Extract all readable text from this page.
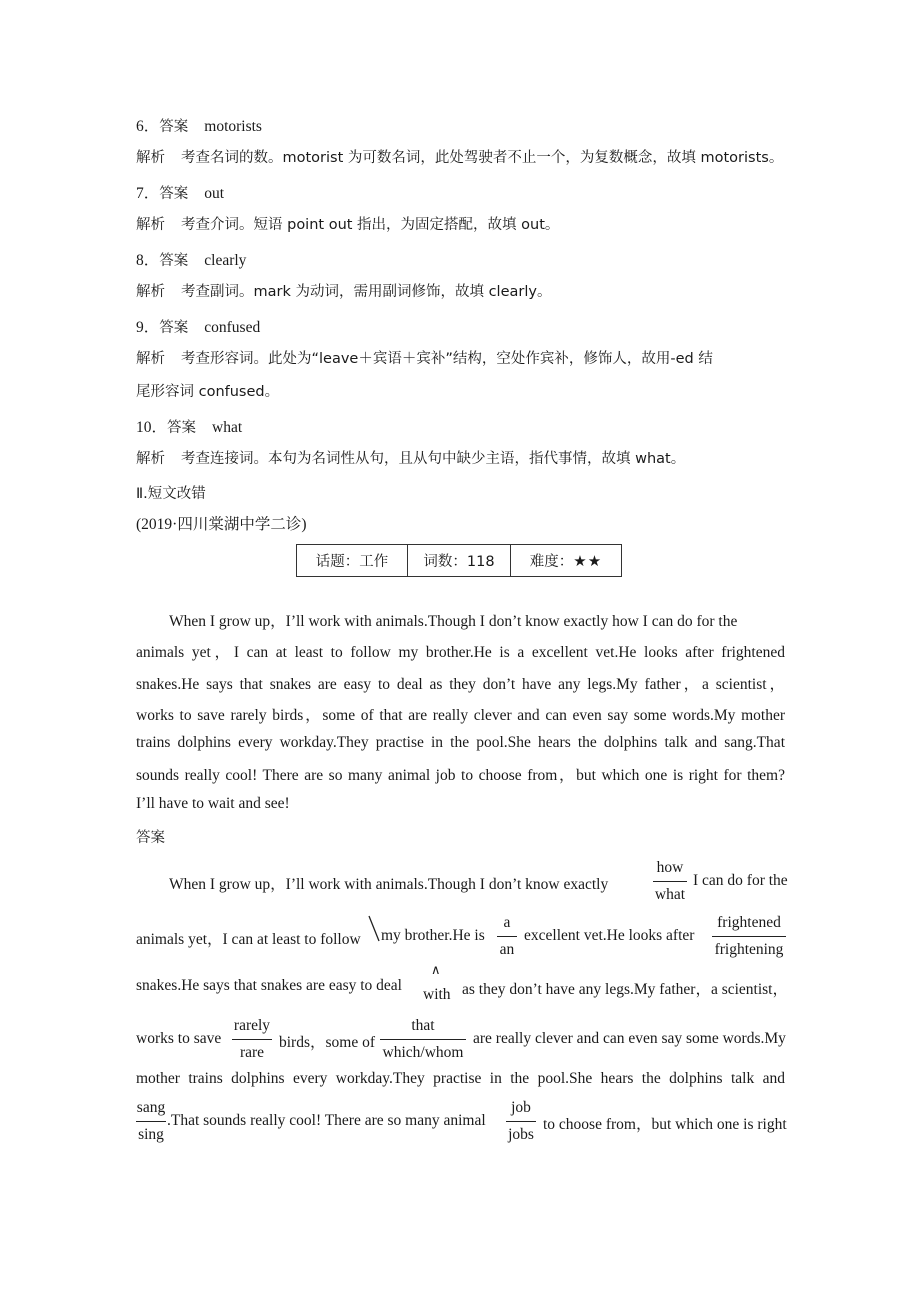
6．答案 motorists
解析 考查名词的数。motorist 为可数名词，此处驾驶者不止一个，为复数概念，故填 motorists。
7．答案 out
解析 考查介词。短语 point out 指出，为固定搭配，故填 out。
8．答案 clearly
解析 考查副词。mark 为动词，需用副词修饰，故填 clearly。
9．答案 confused
解析 考查形容词。此处为“leave＋宾语＋宾补”结构，空处作宾补，修饰人，故用-ed 结
尾形容词 confused。
10．答案 what
解析 考查连接词。本句为名词性从句，且从句中缺少主语，指代事情，故填 what。
Ⅱ.短文改错
(2019·四川棠湖中学二诊)
话题：工作	词数：118	难度：★★
When I grow up，I’ll work with animals.Though I don’t know exactly how I can do for the
animals yet，I can at least to follow my brother.He is a excellent vet.He looks after frightened
snakes.He says that snakes are easy to deal as they don’t have any legs.My father，a scientist，
works to save rarely birds，some of that are really clever and can even say some words.My mother
trains dolphins every workday.They practise in the pool.She hears the dolphins talk and sang.That
sounds really cool! There are so many animal job to choose from，but which one is right for them?
I’ll have to wait and see!
答案
When I grow up，I’ll work with animals.Though I don’t know exactly
how
what
I can do for the
animals yet，I can at least to follow my brother.He is
a
an
excellent vet.He looks after
frightened
frightening
snakes.He says that snakes are easy to deal
∧
with as they don’t have any legs.My father，a scientist，
works to save
rarely
rare
birds，some of
that
which/whom
are really clever and can even say some words.My
mother trains dolphins every workday.They practise in the pool.She hears the dolphins talk and
sang
sing
.That sounds really cool! There are so many animal
job
jobs
to choose from，but which one is right
